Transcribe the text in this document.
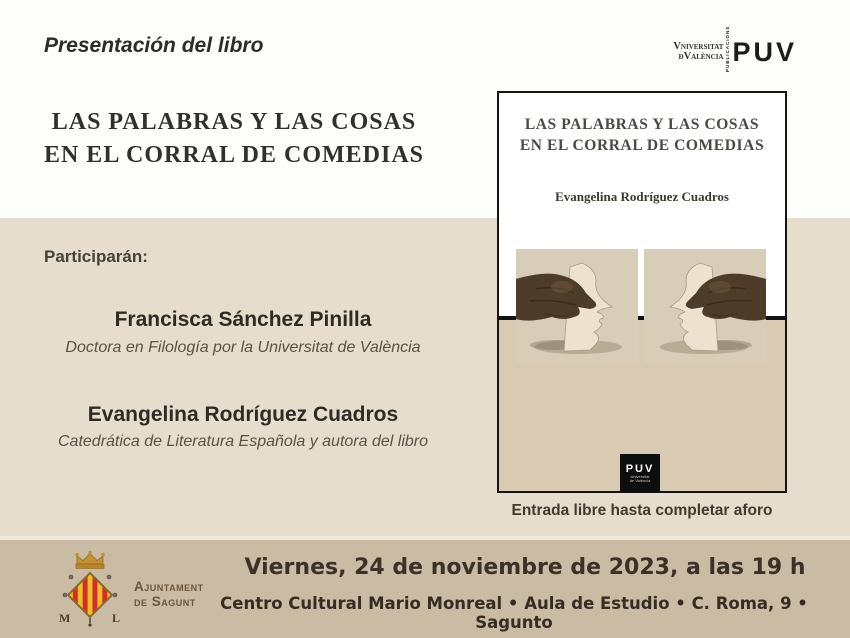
Presentación del libro
LAS PALABRAS Y LAS COSAS
EN EL CORRAL DE COMEDIAS
Vniversitat
đValència PUBLICACIONS PUV
Participarán:
Francisca Sánchez Pinilla
Doctora en Filología por la Universitat de València
Evangelina Rodríguez Cuadros
Catedrática de Literatura Española y autora del libro
LAS PALABRAS Y LAS COSAS
EN EL CORRAL DE COMEDIAS
Evangelina Rodríguez Cuadros
PUV
Universitat
de València
Entrada libre hasta completar aforo
M	L
Ajuntament
de Sagunt
Viernes, 24 de noviembre de 2023, a las 19 h
Centro Cultural Mario Monreal • Aula de Estudio • C. Roma, 9 • Sagunto
